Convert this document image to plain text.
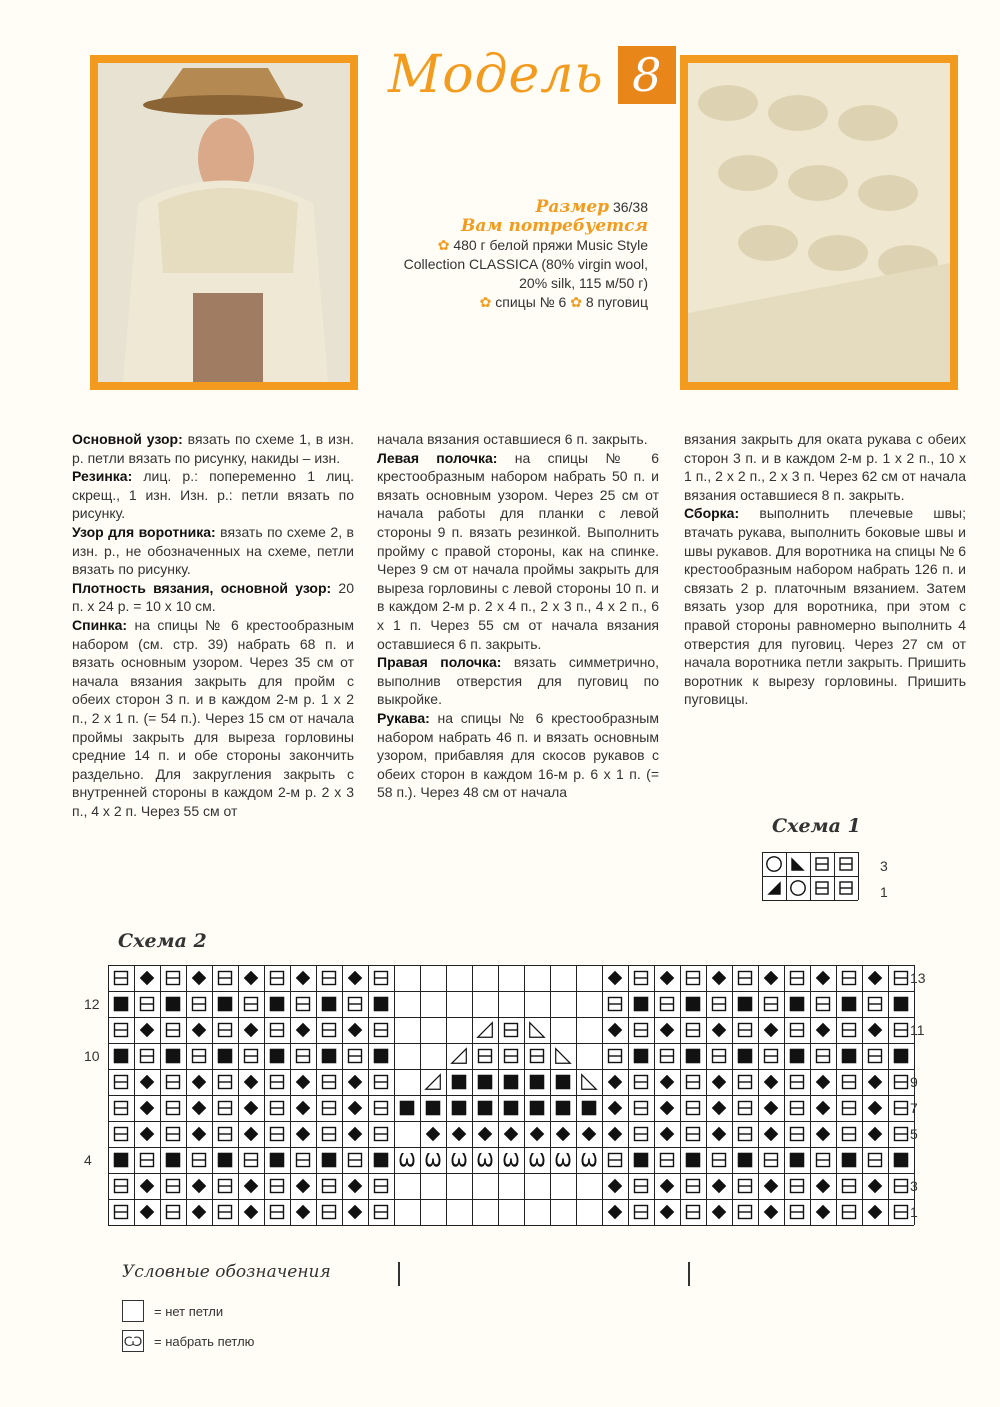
Модель 8
Размер 36/38
Вам потребуется
✿ 480 г белой пряжи Music Style Collection CLASSICA (80% virgin wool, 20% silk, 115 м/50 г)
✿ спицы № 6 ✿ 8 пуговиц

Основной узор: вязать по схеме 1, в изн. р. петли вязать по рисунку, накиды – изн.

Резинка: лиц. р.: попеременно 1 лиц. скрещ., 1 изн. Изн. р.: петли вязать по рисунку.

Узор для воротника: вязать по схеме 2, в изн. р., не обозначенных на схеме, петли вязать по рисунку.

Плотность вязания, основной узор: 20 п. х 24 р. = 10 х 10 см.

Спинка: на спицы № 6 крестообразным набором (см. стр. 39) набрать 68 п. и вязать основным узором. Через 35 см от начала вязания закрыть для пройм с обеих сторон 3 п. и в каждом 2-м р. 1 х 2 п., 2 х 1 п. (= 54 п.). Через 15 см от начала проймы закрыть для выреза горловины средние 14 п. и обе стороны закончить раздельно. Для закругления закрыть с внутренней стороны в каждом 2-м р. 2 х 3 п., 4 х 2 п. Через 55 см от

начала вязания оставшиеся 6 п. закрыть.

Левая полочка: на спицы № 6 крестообразным набором набрать 50 п. и вязать основным узором. Через 25 см от начала работы для планки с левой стороны 9 п. вязать резинкой. Выполнить пройму с правой стороны, как на спинке. Через 9 см от начала проймы закрыть для выреза горловины с левой стороны 10 п. и в каждом 2-м р. 2 х 4 п., 2 х 3 п., 4 х 2 п., 6 х 1 п. Через 55 см от начала вязания оставшиеся 6 п. закрыть.

Правая полочка: вязать симметрично, выполнив отверстия для пуговиц по выкройке.

Рукава: на спицы № 6 крестообразным набором набрать 46 п. и вязать основным узором, прибавляя для скосов рукавов с обеих сторон в каждом 16-м р. 6 х 1 п. (= 58 п.). Через 48 см от начала

вязания закрыть для оката рукава с обеих сторон 3 п. и в каждом 2-м р. 1 х 2 п., 10 х 1 п., 2 х 2 п., 2 х 3 п. Через 62 см от начала вязания оставшиеся 8 п. закрыть.

Сборка: выполнить плечевые швы; втачать рукава, выполнить боковые швы и швы рукавов. Для воротника на спицы № 6 крестообразным набором набрать 126 п. и связать 2 р. платочным вязанием. Затем вязать узор для воротника, при этом с правой стороны равномерно выполнить 4 отверстия для пуговиц. Через 27 см от начала воротника петли закрыть. Пришить воротник к вырезу горловины. Пришить пуговицы.

Схема 1
3
1
Схема 2
Ѡ Ѡ Ѡ Ѡ Ѡ Ѡ Ѡ Ѡ
13
11
9
7
5
3
1
12
10
4
Условные обозначения
= нет петли
Ѡ = набрать петлю
